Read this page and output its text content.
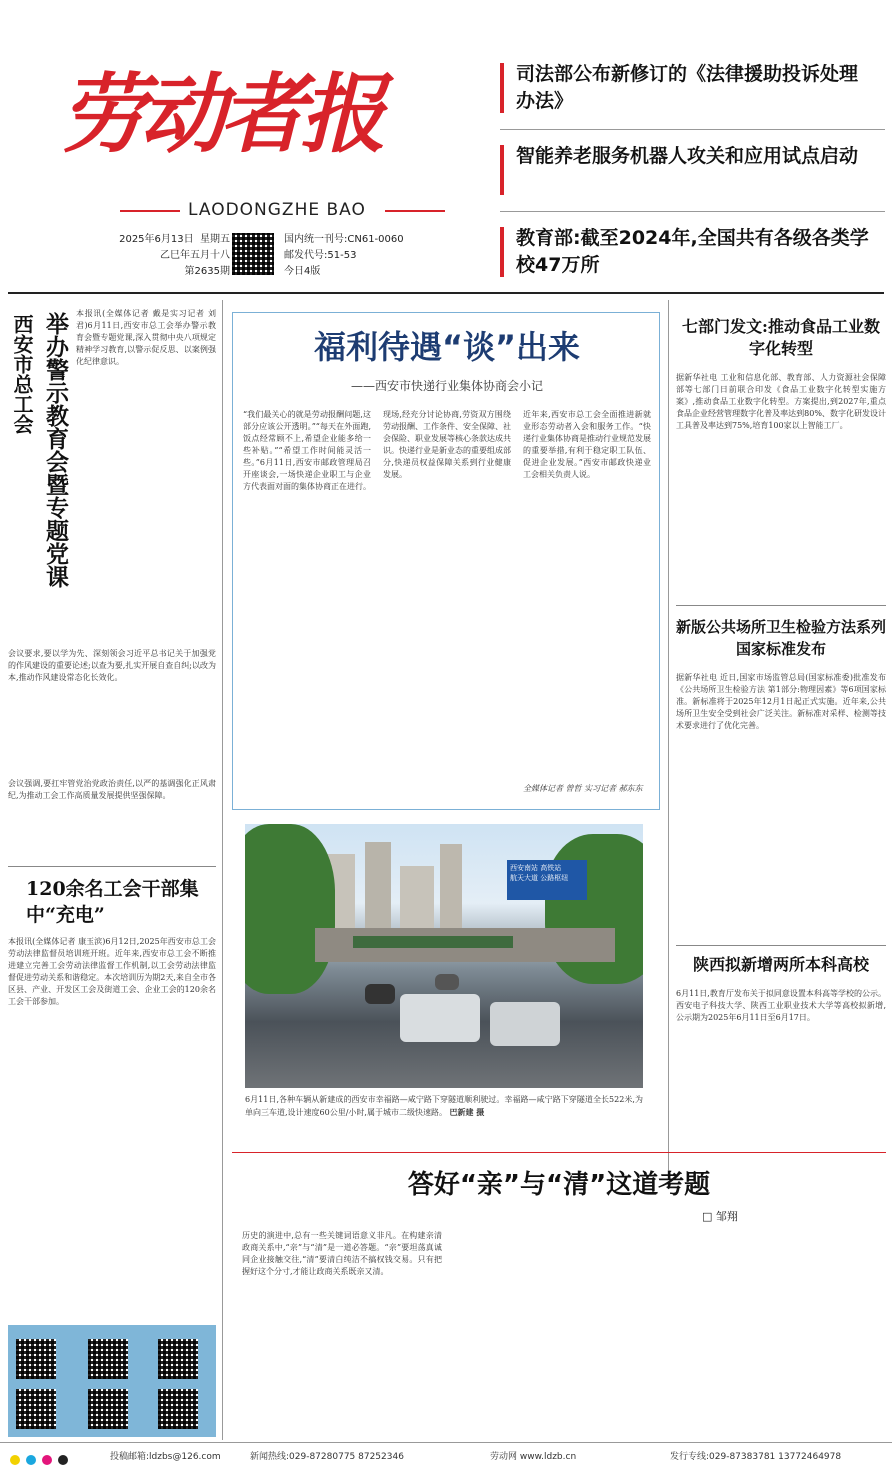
劳动者报
LAODONGZHE BAO
2025年6月13日 星期五
乙巳年五月十八
第2635期
国内统一刊号:CN61-0060
邮发代号:51-53
今日4版
司法部公布新修订的《法律援助投诉处理办法》
智能养老服务机器人攻关和应用试点启动
教育部:截至2024年,全国共有各级各类学校47万所
西安市总工会 举办警示教育会暨专题党课 本报讯(全媒体记者 戴是实习记者 刘君)6月11日,西安市总工会举办警示教育会暨专题党课,深入贯彻中央八项规定精神学习教育,以警示促反思、以案例强化纪律意识。
会议要求,要以学为先、深刻领会习近平总书记关于加强党的作风建设的重要论述;以查为要,扎实开展自查自纠;以改为本,推动作风建设常态化长效化。
会议强调,要扛牢管党治党政治责任,以严的基调强化正风肃纪,为推动工会工作高质量发展提供坚强保障。
120余名工会干部集中“充电”
本报讯(全媒体记者 康玉滨)6月12日,2025年西安市总工会劳动法律监督员培训班开班。近年来,西安市总工会不断推进建立完善工会劳动法律监督工作机制,以工会劳动法律监督促进劳动关系和谐稳定。本次培训历为期2天,来自全市各区县、产业、开发区工会及街道工会、企业工会的120余名工会干部参加。
福利待遇“谈”出来
——西安市快递行业集体协商会小记
“我们最关心的就是劳动报酬问题,这部分应该公开透明。”“每天在外面跑,饭点经常顾不上,希望企业能多给一些补贴。”“希望工作时间能灵活一些。”6月11日,西安市邮政管理局召开座谈会,一场快递企业职工与企业方代表面对面的集体协商正在进行。
现场,经充分讨论协商,劳资双方围绕劳动报酬、工作条件、安全保障、社会保险、职业发展等核心条款达成共识。快递行业是新业态的重要组成部分,快递员权益保障关系到行业健康发展。
近年来,西安市总工会全面推进新就业形态劳动者入会和服务工作。“快递行业集体协商是推动行业规范发展的重要举措,有利于稳定职工队伍、促进企业发展。”西安市邮政快递业工会相关负责人说。
全媒体记者 曾哲 实习记者 郝东东
西安南站 高铁站
航天大道 公路枢纽
6月11日,各种车辆从新建成的西安市幸福路—咸宁路下穿隧道顺利驶过。幸福路—咸宁路下穿隧道全长522米,为单向三车道,设计速度60公里/小时,属于城市二级快速路。 巴新建 摄
七部门发文:推动食品工业数字化转型
据新华社电 工业和信息化部、教育部、人力资源社会保障部等七部门日前联合印发《食品工业数字化转型实施方案》,推动食品工业数字化转型。方案提出,到2027年,重点食品企业经营管理数字化普及率达到80%、数字化研发设计工具普及率达到75%,培育100家以上智能工厂。
新版公共场所卫生检验方法系列国家标准发布
据新华社电 近日,国家市场监管总局(国家标准委)批准发布《公共场所卫生检验方法 第1部分:物理因素》等6项国家标准。新标准将于2025年12月1日起正式实施。近年来,公共场所卫生安全受到社会广泛关注。新标准对采样、检测等技术要求进行了优化完善。
陕西拟新增两所本科高校
6月11日,教育厅发布关于拟同意设置本科高等学校的公示。西安电子科技大学、陕西工业职业技术大学等高校拟新增,公示期为2025年6月11日至6月17日。
答好“亲”与“清”这道考题
□ 邹翔
历史的演进中,总有一些关键词语意义非凡。在构建亲清政商关系中,“亲”与“清”是一道必答题。“亲”要坦荡真诚同企业接触交往,“清”要清白纯洁不搞权钱交易。只有把握好这个分寸,才能让政商关系既亲又清。
投稿邮箱:ldzbs@126.com	新闻热线:029-87280775 87252346	劳动网 www.ldzb.cn	发行专线:029-87383781 13772464978
